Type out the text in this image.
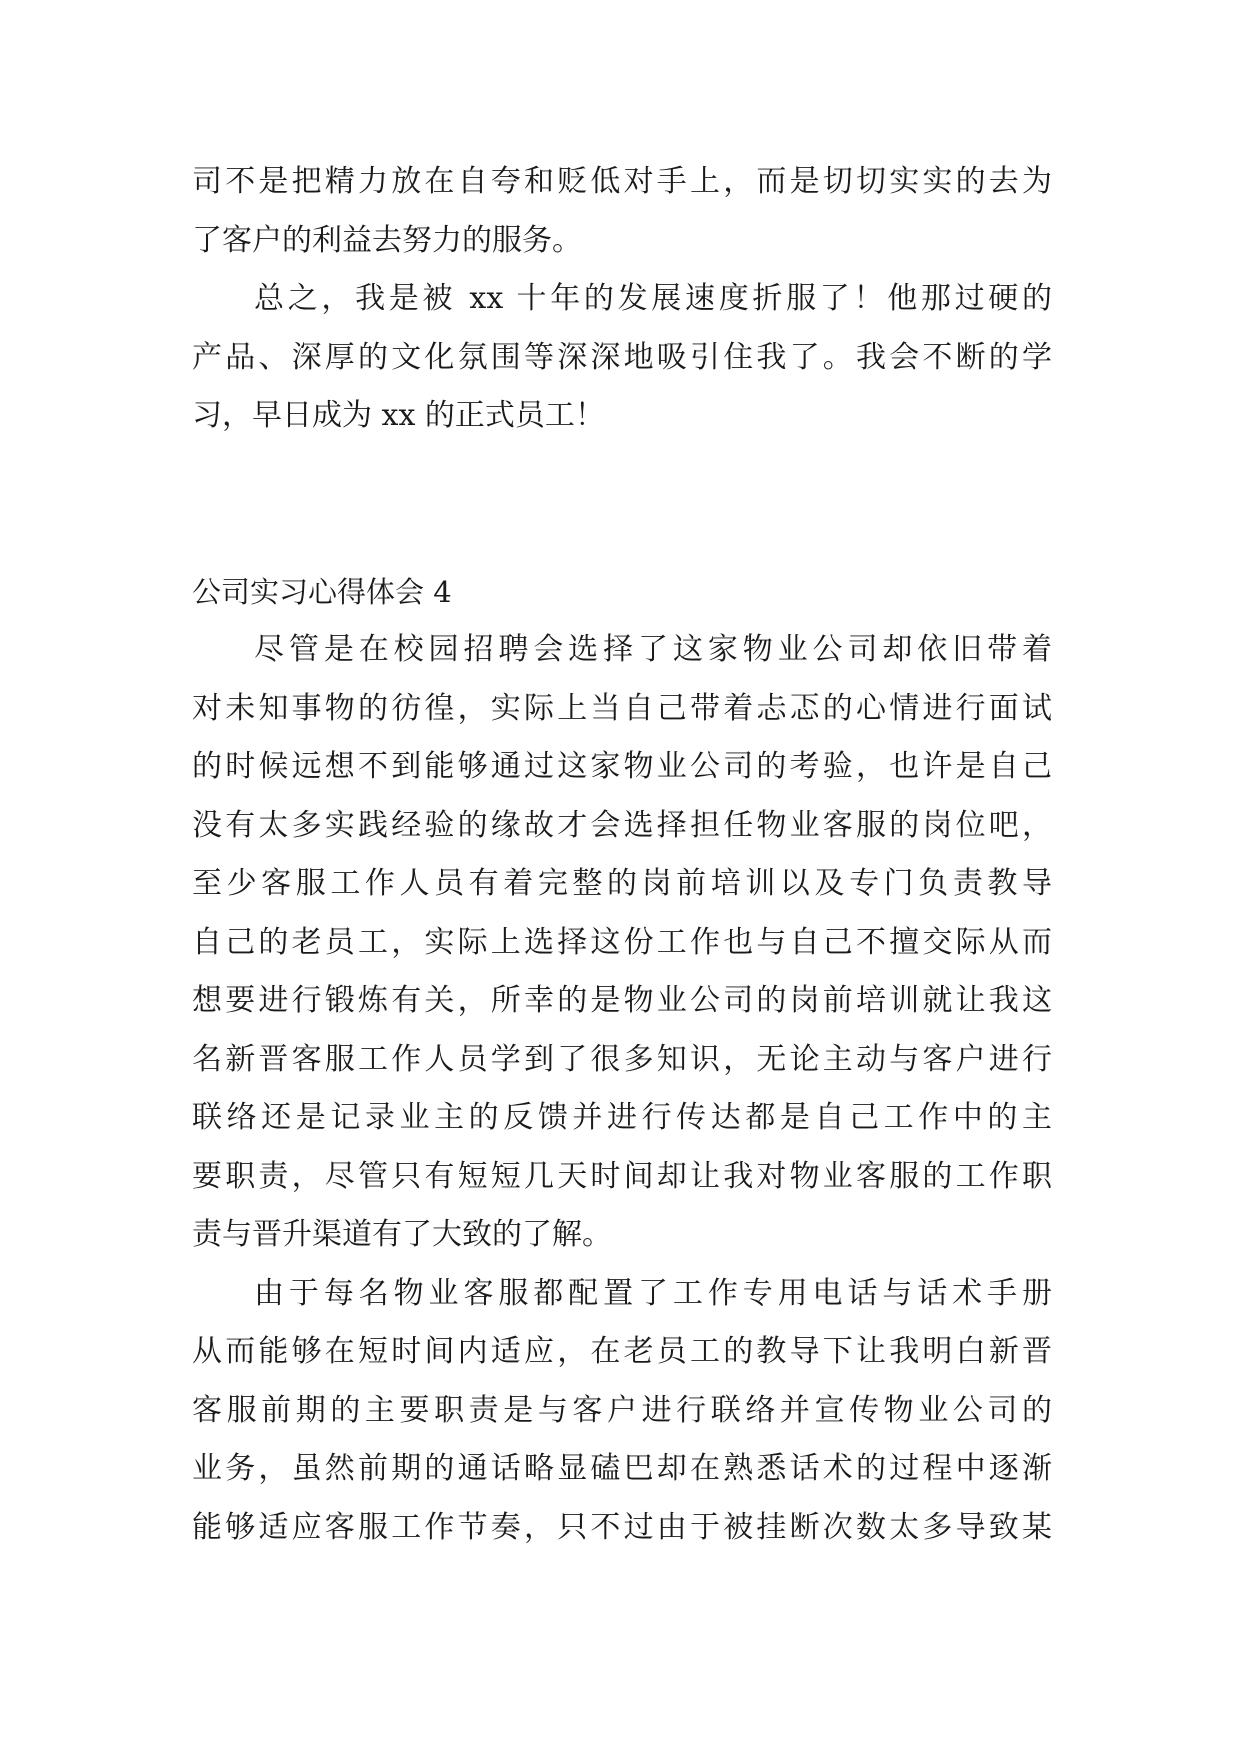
司不是把精力放在自夸和贬低对手上，而是切切实实的去为
了客户的利益去努力的服务。
总之，我是被 xx 十年的发展速度折服了！他那过硬的
产品、深厚的文化氛围等深深地吸引住我了。我会不断的学
习，早日成为 xx 的正式员工！
公司实习心得体会 4
尽管是在校园招聘会选择了这家物业公司却依旧带着
对未知事物的彷徨，实际上当自己带着忐忑的心情进行面试
的时候远想不到能够通过这家物业公司的考验，也许是自己
没有太多实践经验的缘故才会选择担任物业客服的岗位吧，
至少客服工作人员有着完整的岗前培训以及专门负责教导
自己的老员工，实际上选择这份工作也与自己不擅交际从而
想要进行锻炼有关，所幸的是物业公司的岗前培训就让我这
名新晋客服工作人员学到了很多知识，无论主动与客户进行
联络还是记录业主的反馈并进行传达都是自己工作中的主
要职责，尽管只有短短几天时间却让我对物业客服的工作职
责与晋升渠道有了大致的了解。
由于每名物业客服都配置了工作专用电话与话术手册
从而能够在短时间内适应，在老员工的教导下让我明白新晋
客服前期的主要职责是与客户进行联络并宣传物业公司的
业务，虽然前期的通话略显磕巴却在熟悉话术的过程中逐渐
能够适应客服工作节奏，只不过由于被挂断次数太多导致某
